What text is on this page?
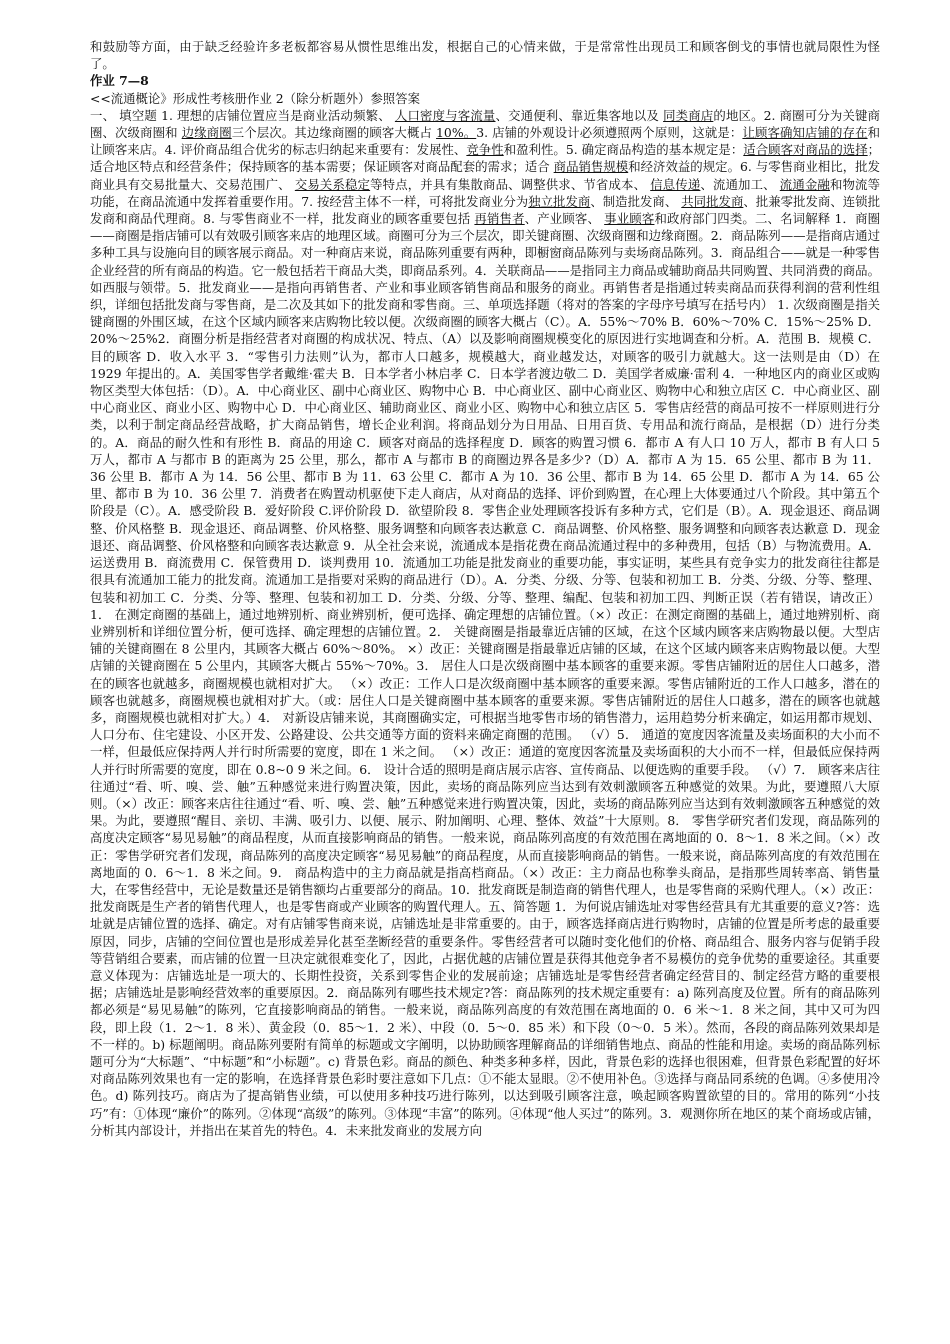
和鼓励等方面，由于缺乏经验许多老板都容易从惯性思维出发，根据自己的心情来做，于是常常性出现员工和顾客倒戈的事情也就局限性为怪了。

作业 7—8

<<流通概论》形成性考核册作业 2（除分析题外）参照答案

一、 填空题 1. 理想的店铺位置应当是商业活动频繁、 人口密度与客流量、交通便利、靠近集客地以及 同类商店的地区。2. 商圈可分为关键商圈、次级商圈和 边缘商圈三个层次。其边缘商圈的顾客大概占 10%。3. 店铺的外观设计必须遵照两个原则，这就是：让顾客确知店铺的存在和让顾客来店。4. 评价商品组合优劣的标志归纳起来重要有：发展性、竞争性和盈利性。5. 确定商品构造的基本规定是：适合顾客对商品的选择；适合地区特点和经营条件；保持顾客的基本需要；保证顾客对商品配套的需求；适合 商品销售规模和经济效益的规定。6. 与零售商业相比，批发商业具有交易批量大、交易范围广、 交易关系稳定等特点，并具有集散商品、调整供求、节省成本、 信息传递、流通加工、 流通金融和物流等功能，在商品流通中发挥着重要作用。7. 按经营主体不一样，可将批发商业分为独立批发商、制造批发商、 共同批发商、批兼零批发商、连锁批发商和商品代理商。8. 与零售商业不一样，批发商业的顾客重要包括 再销售者、产业顾客、 事业顾客和政府部门四类。二、名词解释 1．商圈——商圈是指店铺可以有效吸引顾客来店的地理区域。商圈可分为三个层次，即关键商圈、次级商圈和边缘商圈。2．商品陈列——是指商店通过多种工具与设施向目的顾客展示商品。对一种商店来说，商品陈列重要有两种，即橱窗商品陈列与卖场商品陈列。3．商品组合——就是一种零售企业经营的所有商品的构造。它一般包括若干商品大类，即商品系列。4．关联商品——是指同主力商品或辅助商品共同购置、共同消费的商品。如西服与领带。5．批发商业——是指向再销售者、产业和事业顾客销售商品和服务的商业。再销售者是指通过转卖商品而获得利润的营利性组织，详细包括批发商与零售商，是二次及其如下的批发商和零售商。三、单项选择题（将对的答案的字母序号填写在括号内） 1. 次级商圈是指关键商圈的外围区域，在这个区域内顾客来店购物比较以便。次级商圈的顾客大概占（C）。A．55%～70% B．60%～70% C．15%～25% D．20%～25%2．商圈分析是指经营者对商圈的构成状况、特点、（A）以及影响商圈规模变化的原因进行实地调查和分析。A．范围 B．规模 C．目的顾客 D．收入水平 3．“零售引力法则”认为，都市人口越多，规模越大，商业越发达，对顾客的吸引力就越大。这一法则是由（D）在 1929 年提出的。A．美国零售学者戴维·霍夫 B．日本学者小林启孝 C．日本学者渡边敬二 D．美国学者威廉·雷利 4．一种地区内的商业区或购物区类型大体包括：（D）。A．中心商业区、副中心商业区、购物中心 B．中心商业区、副中心商业区、购物中心和独立店区 C．中心商业区、副中心商业区、商业小区、购物中心 D．中心商业区、辅助商业区、商业小区、购物中心和独立店区 5．零售店经营的商品可按不一样原则进行分类，以利于制定商品经营战略，扩大商品销售，增长企业利润。将商品划分为日用品、日用百货、专用品和流行商品，是根据（D）进行分类的。A．商品的耐久性和有形性 B．商品的用途 C．顾客对商品的选择程度 D．顾客的购置习惯 6．都市 A 有人口 10 万人，都市 B 有人口 5 万人，都市 A 与都市 B 的距离为 25 公里，那么，都市 A 与都市 B 的商圈边界各是多少?（D）A．都市 A 为 15．65 公里、都市 B 为 11．36 公里 B．都市 A 为 14．56 公里、都市 B 为 11．63 公里 C．都市 A 为 10．36 公里、都市 B 为 14．65 公里 D．都市 A 为 14．65 公里、都市 B 为 10．36 公里 7．消费者在购置动机驱使下走人商店，从对商品的选择、评价到购置，在心理上大体要通过八个阶段。其中第五个阶段是（C）。A．感受阶段 B．爱好阶段 C.评价阶段 D．欲望阶段 8．零售企业处理顾客投诉有多种方式，它们是（B）。A．现金退还、商品调整、价风格整 B．现金退还、商品调整、价风格整、服务调整和向顾客表达歉意 C．商品调整、价风格整、服务调整和向顾客表达歉意 D．现金退还、商品调整、价风格整和向顾客表达歉意 9．从全社会来说，流通成本是指花费在商品流通过程中的多种费用，包括（B）与物流费用。A．运送费用 B．商流费用 C．保管费用 D．谈判费用 10．流通加工功能是批发商业的重要功能，事实证明，某些具有竞争实力的批发商往往都是很具有流通加工能力的批发商。流通加工是指要对采购的商品进行（D）。A．分类、分级、分等、包装和初加工 B．分类、分级、分等、整理、包装和初加工 C．分类、分等、整理、包装和初加工 D．分类、分级、分等、整理、编配、包装和初加工四、判断正误（若有错误，请改正）1． 在测定商圈的基础上，通过地辨别析、商业辨别析，便可选择、确定理想的店铺位置。（×）改正：在测定商圈的基础上，通过地辨别析、商业辨别析和详细位置分析，便可选择、确定理想的店铺位置。2． 关键商圈是指最靠近店铺的区域，在这个区域内顾客来店购物最以便。大型店铺的关键商圈在 8 公里内，其顾客大概占 60%～80%。 ×）改正：关键商圈是指最靠近店铺的区域，在这个区域内顾客来店购物最以便。大型店铺的关键商圈在 5 公里内，其顾客大概占 55%～70%。3． 居住人口是次级商圈中基本顾客的重要来源。零售店铺附近的居住人口越多，潜在的顾客也就越多，商圈规模也就相对扩大。 （×）改正：工作人口是次级商圈中基本顾客的重要来源。零售店铺附近的工作人口越多，潜在的顾客也就越多，商圈规模也就相对扩大。（或：居住人口是关键商圈中基本顾客的重要来源。零售店铺附近的居住人口越多，潜在的顾客也就越多，商圈规模也就相对扩大。）4． 对新设店铺来说，其商圈确实定，可根据当地零售市场的销售潜力，运用趋势分析来确定，如运用都市规划、人口分布、住宅建设、小区开发、公路建设、公共交通等方面的资料来确定商圈的范围。 （√）5． 通道的宽度因客流量及卖场面积的大小而不一样，但最低应保持两人并行时所需要的宽度，即在 1 米之间。 （×）改正：通道的宽度因客流量及卖场面积的大小而不一样，但最低应保持两人并行时所需要的宽度，即在 0.8~0 9 米之间。6． 设计合适的照明是商店展示店容、宣传商品、以便选购的重要手段。 （√）7． 顾客来店往往通过“看、听、嗅、尝、触”五种感觉来进行购置决策，因此，卖场的商品陈列应当达到有效刺激顾客五种感觉的效果。为此，要遵照八大原则。（×）改正：顾客来店往往通过“看、听、嗅、尝、触”五种感觉来进行购置决策，因此，卖场的商品陈列应当达到有效刺激顾客五种感觉的效果。为此，要遵照“醒目、亲切、丰满、吸引力、以便、展示、附加阐明、心理、整体、效益”十大原则。8． 零售学研究者们发现，商品陈列的高度决定顾客“易见易触”的商品程度，从而直接影响商品的销售。一般来说，商品陈列高度的有效范围在离地面的 0．8～1．8 米之间。（×）改正：零售学研究者们发现，商品陈列的高度决定顾客“易见易触”的商品程度，从而直接影响商品的销售。一般来说，商品陈列高度的有效范围在离地面的 0．6～1．8 米之间。9． 商品构造中的主力商品就是指高档商品。（×）改正：主力商品也称拳头商品，是指那些周转率高、销售量大，在零售经营中，无论是数量还是销售额均占重要部分的商品。10．批发商既是制造商的销售代理人，也是零售商的采购代理人。（×）改正：批发商既是生产者的销售代理人，也是零售商或产业顾客的购置代理人。五、简答题 1．为何说店铺选址对零售经营具有尤其重要的意义?答：选址就是店铺位置的选择、确定。对有店铺零售商来说，店铺选址是非常重要的。由于，顾客选择商店进行购物时，店铺的位置是所考虑的最重要原因，同步，店铺的空间位置也是形成差异化甚至垄断经营的重要条件。零售经营者可以随时变化他们的价格、商品组合、服务内容与促销手段等营销组合要素，而店铺的位置一旦决定就很难变化了，因此，占据优越的店铺位置是获得其他竞争者不易模仿的竞争优势的重要途径。其重要意义体现为：店铺选址是一项大的、长期性投资，关系到零售企业的发展前途；店铺选址是零售经营者确定经营目的、制定经营方略的重要根据；店铺选址是影响经营效率的重要原因。2．商品陈列有哪些技术规定?答：商品陈列的技术规定重要有：a) 陈列高度及位置。所有的商品陈列都必须是“易见易触”的陈列，它直接影响商品的销售。一般来说，商品陈列高度的有效范围在离地面的 0．6 米～1．8 米之间，其中又可为四段，即上段（1．2～1．8 米）、黄金段（0．85～1．2 米）、中段（0．5～0．85 米）和下段（0～0．5 米）。然而，各段的商品陈列效果却是不一样的。b) 标题阐明。商品陈列要附有简单的标题或文字阐明，以协助顾客理解商品的详细销售地点、商品的性能和用途。卖场的商品陈列标题可分为“大标题”、“中标题”和“小标题”。c) 背景色彩。商品的颜色、种类多种多样，因此，背景色彩的选择也很困难，但背景色彩配置的好坏对商品陈列效果也有一定的影响，在选择背景色彩时要注意如下几点：①不能太显眼。②不使用补色。③选择与商品同系统的色调。④多使用冷色。d) 陈列技巧。商店为了提高销售业绩，可以使用多种技巧进行陈列，以达到吸引顾客注意，唤起顾客购置欲望的目的。常用的陈列“小技巧”有：①体现“廉价”的陈列。②体现“高级”的陈列。③体现“丰富”的陈列。④体现“他人买过”的陈列。3．观测你所在地区的某个商场或店铺，分析其内部设计，并指出在某首先的特色。4．未来批发商业的发展方向
